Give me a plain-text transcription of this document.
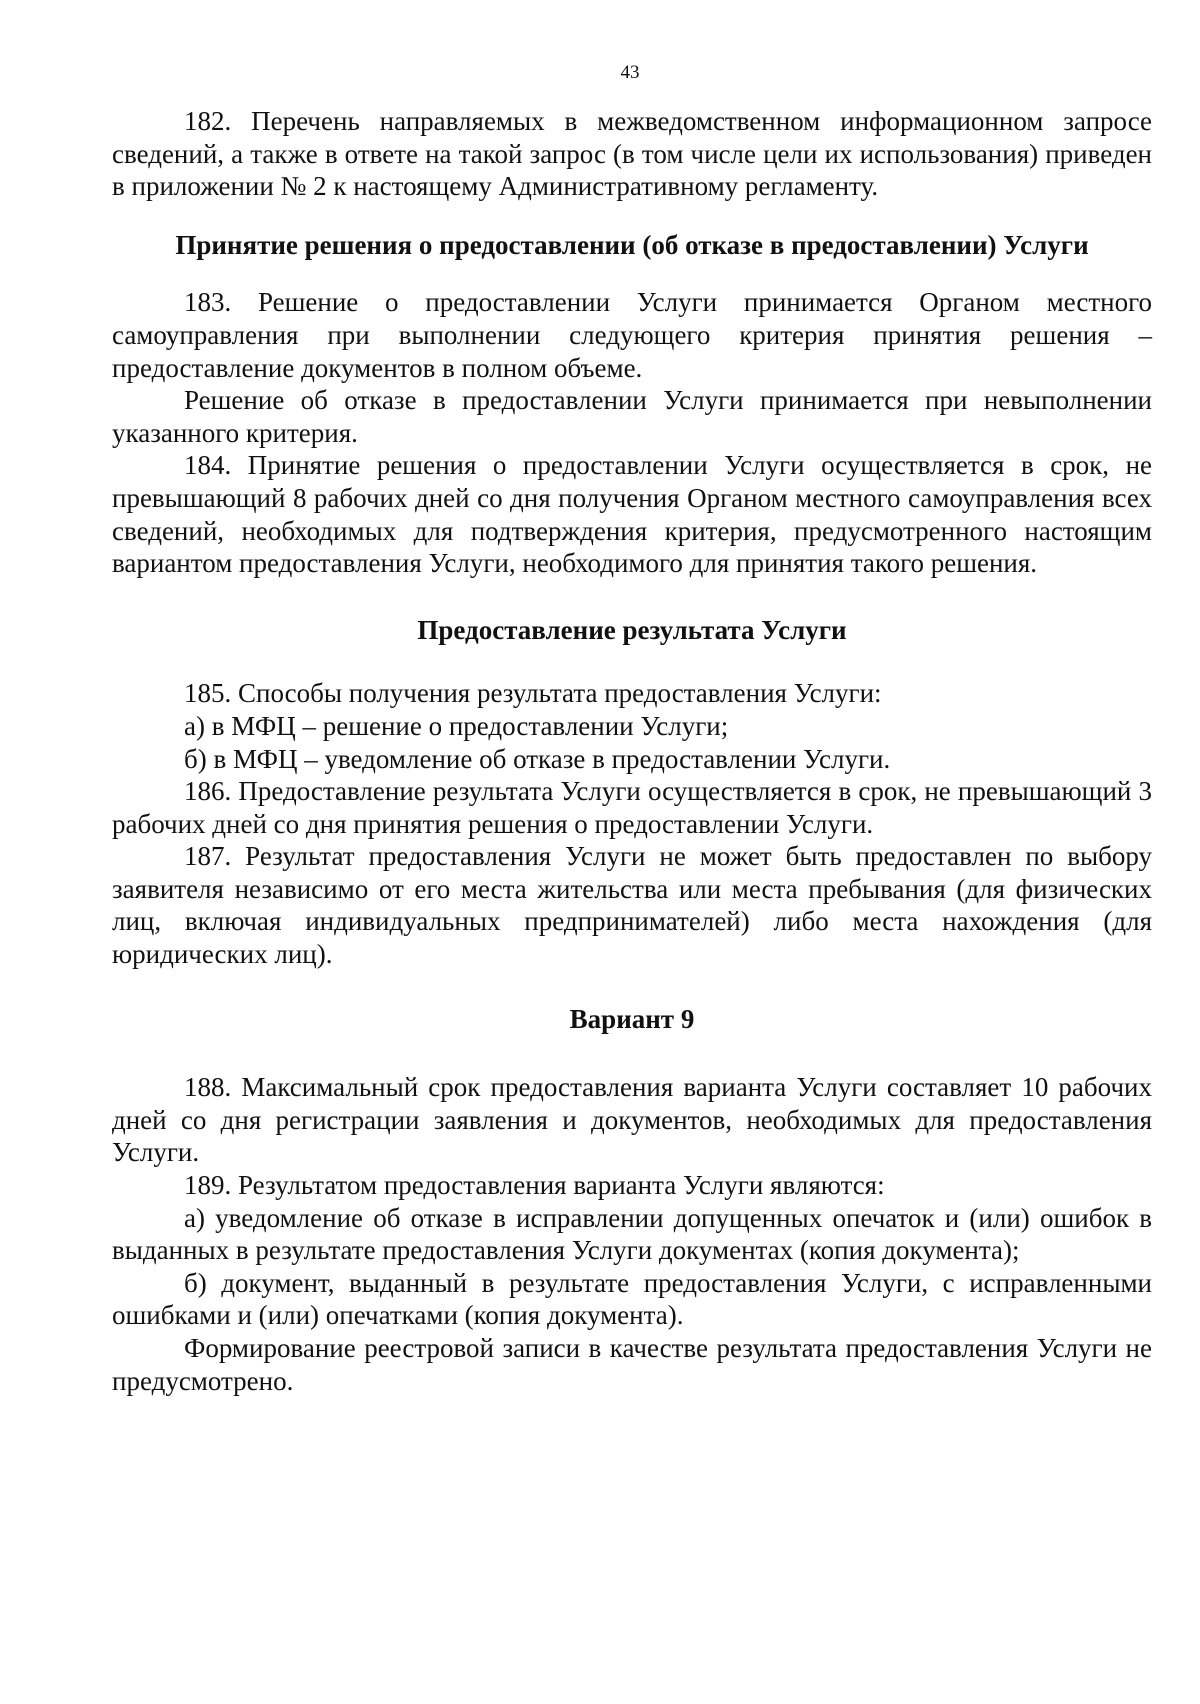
43

182. Перечень направляемых в межведомственном информационном запросе сведений, а также в ответе на такой запрос (в том числе цели их использования) приведен в приложении № 2 к настоящему Административному регламенту.

Принятие решения о предоставлении (об отказе в предоставлении) Услуги

183. Решение о предоставлении Услуги принимается Органом местного самоуправления при выполнении следующего критерия принятия решения – предоставление документов в полном объеме.

Решение об отказе в предоставлении Услуги принимается при невыполнении указанного критерия.

184. Принятие решения о предоставлении Услуги осуществляется в срок, не превышающий 8 рабочих дней со дня получения Органом местного самоуправления всех сведений, необходимых для подтверждения критерия, предусмотренного настоящим вариантом предоставления Услуги, необходимого для принятия такого решения.

Предоставление результата Услуги

185. Способы получения результата предоставления Услуги:

а) в МФЦ – решение о предоставлении Услуги;

б) в МФЦ – уведомление об отказе в предоставлении Услуги.

186. Предоставление результата Услуги осуществляется в срок, не превышающий 3 рабочих дней со дня принятия решения о предоставлении Услуги.

187. Результат предоставления Услуги не может быть предоставлен по выбору заявителя независимо от его места жительства или места пребывания (для физических лиц, включая индивидуальных предпринимателей) либо места нахождения (для юридических лиц).

Вариант 9

188. Максимальный срок предоставления варианта Услуги составляет 10 рабочих дней со дня регистрации заявления и документов, необходимых для предоставления Услуги.

189. Результатом предоставления варианта Услуги являются:

а) уведомление об отказе в исправлении допущенных опечаток и (или) ошибок в выданных в результате предоставления Услуги документах (копия документа);

б) документ, выданный в результате предоставления Услуги, с исправленными ошибками и (или) опечатками (копия документа).

Формирование реестровой записи в качестве результата предоставления Услуги не предусмотрено.
